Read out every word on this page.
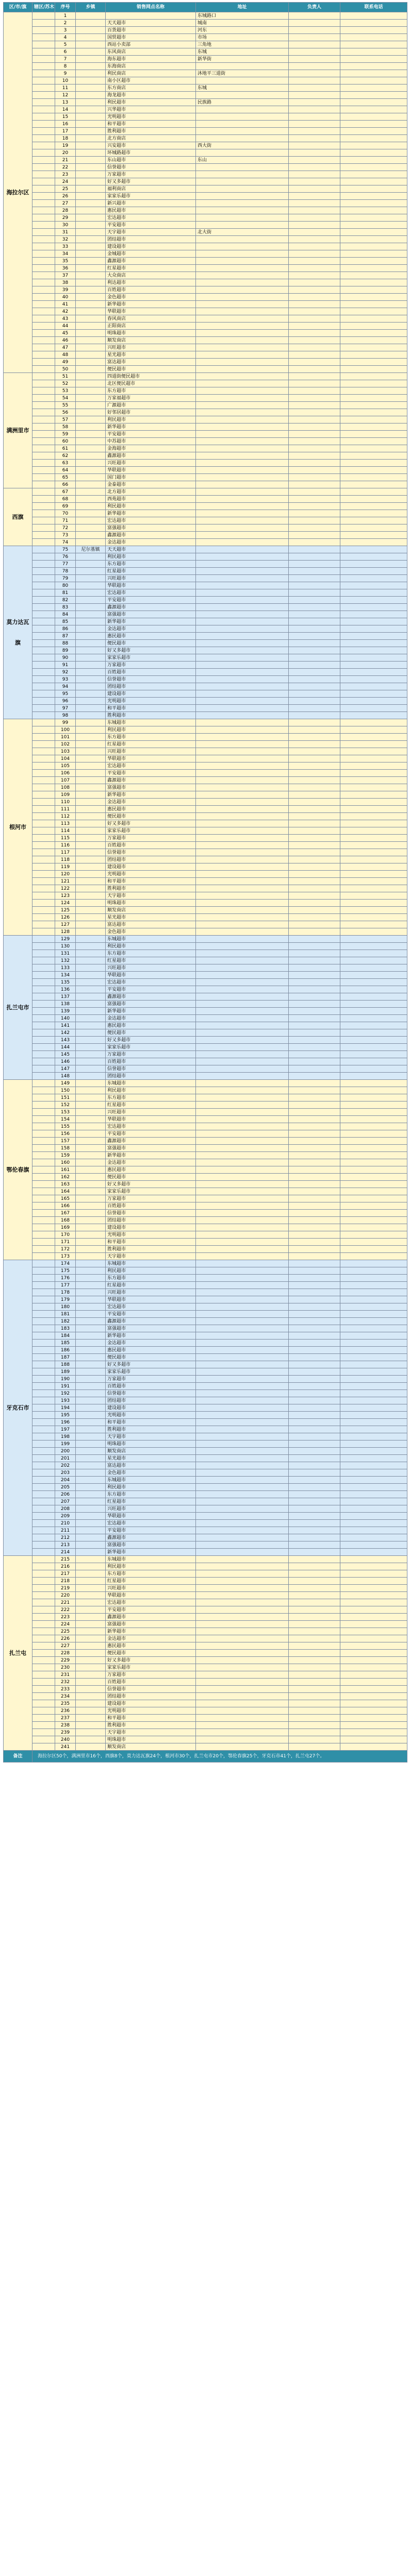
区/市/旗	辖区/苏木	序号	乡镇	销售网点名称	地址	负责人	联系电话
海拉尔区		1			东城路口		
		2		天天超市	城南		
		3		百货超市	河东		
		4		国贸超市	市场		
		5		西站小卖部	三角地		
		6		东风商店	东城		
		7		海东超市	新华街		
		8		东海商店			
		9		利民商店	沐地平三道街		
		10		南小区超市			
		11		东方商店	东城		
		12		海龙超市			
		13		利民超市	民族路		
		14		兴华超市			
		15		光明超市			
		16		和平超市			
		17		胜利超市			
		18		北方商店			
		19		兴安超市	西大街		
		20		环城路超市			
		21		东山超市	东山		
		22		信誉超市			
		23		万家超市			
		24		好又多超市			
		25		福利商店			
		26		家家乐超市			
		27		新兴超市			
		28		惠民超市			
		29		宏达超市			
		30		平安超市			
		31		天宇超市	北大街		
		32		团结超市			
		33		建设超市			
		34		金城超市			
		35		鑫源超市			
		36		红星超市			
		37		大众商店			
		38		利达超市			
		39		百姓超市			
		40		金色超市			
		41		新华超市			
		42		华联超市			
		43		春风商店			
		44		正阳商店			
		45		明珠超市			
		46		顺发商店			
		47		兴旺超市			
		48		星光超市			
		49		富达超市			
		50		便民超市			
满洲里市		51		四道街便民超市			
		52		北区便民超市			
		53		东方超市			
		54		万家福超市			
		55		广源超市			
		56		好邻居超市			
		57		利民超市			
		58		新华超市			
		59		平安超市			
		60		中苏超市			
		61		金海超市			
		62		鑫源超市			
		63		兴旺超市			
		64		华联超市			
		65		国门超市			
		66		金泰超市			
西旗		67		北方超市			
		68		西苑超市			
		69		利民超市			
		70		新华超市			
		71		宏达超市			
		72		富强超市			
		73		鑫源超市			
		74		金达超市			
莫力达瓦旗		75	尼尔基镇	天天超市			
		76		利民超市			
		77		东方超市			
		78		红星超市			
		79		兴旺超市			
		80		华联超市			
		81		宏达超市			
		82		平安超市			
		83		鑫源超市			
		84		富强超市			
		85		新华超市			
		86		金达超市			
		87		惠民超市			
		88		便民超市			
		89		好又多超市			
		90		家家乐超市			
		91		万家超市			
		92		百姓超市			
		93		信誉超市			
		94		团结超市			
		95		建设超市			
		96		光明超市			
		97		和平超市			
		98		胜利超市			
根河市		99		东城超市			
		100		利民超市			
		101		东方超市			
		102		红星超市			
		103		兴旺超市			
		104		华联超市			
		105		宏达超市			
		106		平安超市			
		107		鑫源超市			
		108		富强超市			
		109		新华超市			
		110		金达超市			
		111		惠民超市			
		112		便民超市			
		113		好又多超市			
		114		家家乐超市			
		115		万家超市			
		116		百姓超市			
		117		信誉超市			
		118		团结超市			
		119		建设超市			
		120		光明超市			
		121		和平超市			
		122		胜利超市			
		123		天宇超市			
		124		明珠超市			
		125		顺发商店			
		126		星光超市			
		127		富达超市			
		128		金色超市			
扎兰屯市		129		东城超市			
		130		利民超市			
		131		东方超市			
		132		红星超市			
		133		兴旺超市			
		134		华联超市			
		135		宏达超市			
		136		平安超市			
		137		鑫源超市			
		138		富强超市			
		139		新华超市			
		140		金达超市			
		141		惠民超市			
		142		便民超市			
		143		好又多超市			
		144		家家乐超市			
		145		万家超市			
		146		百姓超市			
		147		信誉超市			
		148		团结超市			
鄂伦春旗		149		东城超市			
		150		利民超市			
		151		东方超市			
		152		红星超市			
		153		兴旺超市			
		154		华联超市			
		155		宏达超市			
		156		平安超市			
		157		鑫源超市			
		158		富强超市			
		159		新华超市			
		160		金达超市			
		161		惠民超市			
		162		便民超市			
		163		好又多超市			
		164		家家乐超市			
		165		万家超市			
		166		百姓超市			
		167		信誉超市			
		168		团结超市			
		169		建设超市			
		170		光明超市			
		171		和平超市			
		172		胜利超市			
		173		天宇超市			
牙克石市		174		东城超市			
		175		利民超市			
		176		东方超市			
		177		红星超市			
		178		兴旺超市			
		179		华联超市			
		180		宏达超市			
		181		平安超市			
		182		鑫源超市			
		183		富强超市			
		184		新华超市			
		185		金达超市			
		186		惠民超市			
		187		便民超市			
		188		好又多超市			
		189		家家乐超市			
		190		万家超市			
		191		百姓超市			
		192		信誉超市			
		193		团结超市			
		194		建设超市			
		195		光明超市			
		196		和平超市			
		197		胜利超市			
		198		天宇超市			
		199		明珠超市			
		200		顺发商店			
		201		星光超市			
		202		富达超市			
		203		金色超市			
		204		东城超市			
		205		利民超市			
		206		东方超市			
		207		红星超市			
		208		兴旺超市			
		209		华联超市			
		210		宏达超市			
		211		平安超市			
		212		鑫源超市			
		213		富强超市			
		214		新华超市			
扎兰屯		215		东城超市			
		216		利民超市			
		217		东方超市			
		218		红星超市			
		219		兴旺超市			
		220		华联超市			
		221		宏达超市			
		222		平安超市			
		223		鑫源超市			
		224		富强超市			
		225		新华超市			
		226		金达超市			
		227		惠民超市			
		228		便民超市			
		229		好又多超市			
		230		家家乐超市			
		231		万家超市			
		232		百姓超市			
		233		信誉超市			
		234		团结超市			
		235		建设超市			
		236		光明超市			
		237		和平超市			
		238		胜利超市			
		239		天宇超市			
		240		明珠超市			
		241		顺发商店			
备注	海拉尔区50个，满洲里市16个，西旗8个，莫力达瓦旗24个，根河市30个，扎兰屯市20个，鄂伦春旗25个，牙克石市41个，扎兰屯27个。						
